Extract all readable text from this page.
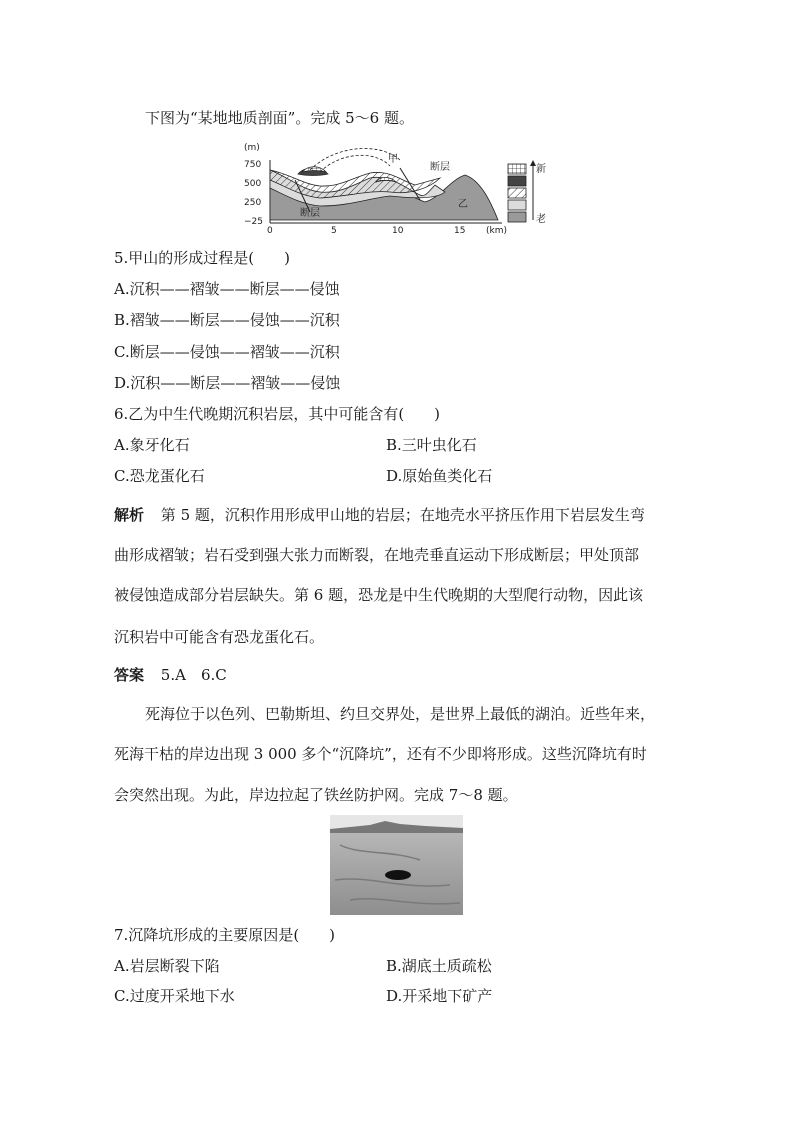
下图为“某地地质剖面”。完成 5～6 题。
(m)
750
500
250
−25
甲
断层
断层
乙
0	5	10	15 (km)
新
老
5.甲山的形成过程是(　　)
A.沉积——褶皱——断层——侵蚀
B.褶皱——断层——侵蚀——沉积
C.断层——侵蚀——褶皱——沉积
D.沉积——断层——褶皱——侵蚀
6.乙为中生代晚期沉积岩层，其中可能含有(　　)
A.象牙化石	B.三叶虫化石
C.恐龙蛋化石	D.原始鱼类化石
解析 第 5 题，沉积作用形成甲山地的岩层；在地壳水平挤压作用下岩层发生弯
曲形成褶皱；岩石受到强大张力而断裂，在地壳垂直运动下形成断层；甲处顶部
被侵蚀造成部分岩层缺失。第 6 题，恐龙是中生代晚期的大型爬行动物，因此该
沉积岩中可能含有恐龙蛋化石。
答案 5.A　6.C
死海位于以色列、巴勒斯坦、约旦交界处，是世界上最低的湖泊。近些年来，
死海干枯的岸边出现 3 000 多个“沉降坑”，还有不少即将形成。这些沉降坑有时
会突然出现。为此，岸边拉起了铁丝防护网。完成 7～8 题。
7.沉降坑形成的主要原因是(　　)
A.岩层断裂下陷	B.湖底土质疏松
C.过度开采地下水	D.开采地下矿产
